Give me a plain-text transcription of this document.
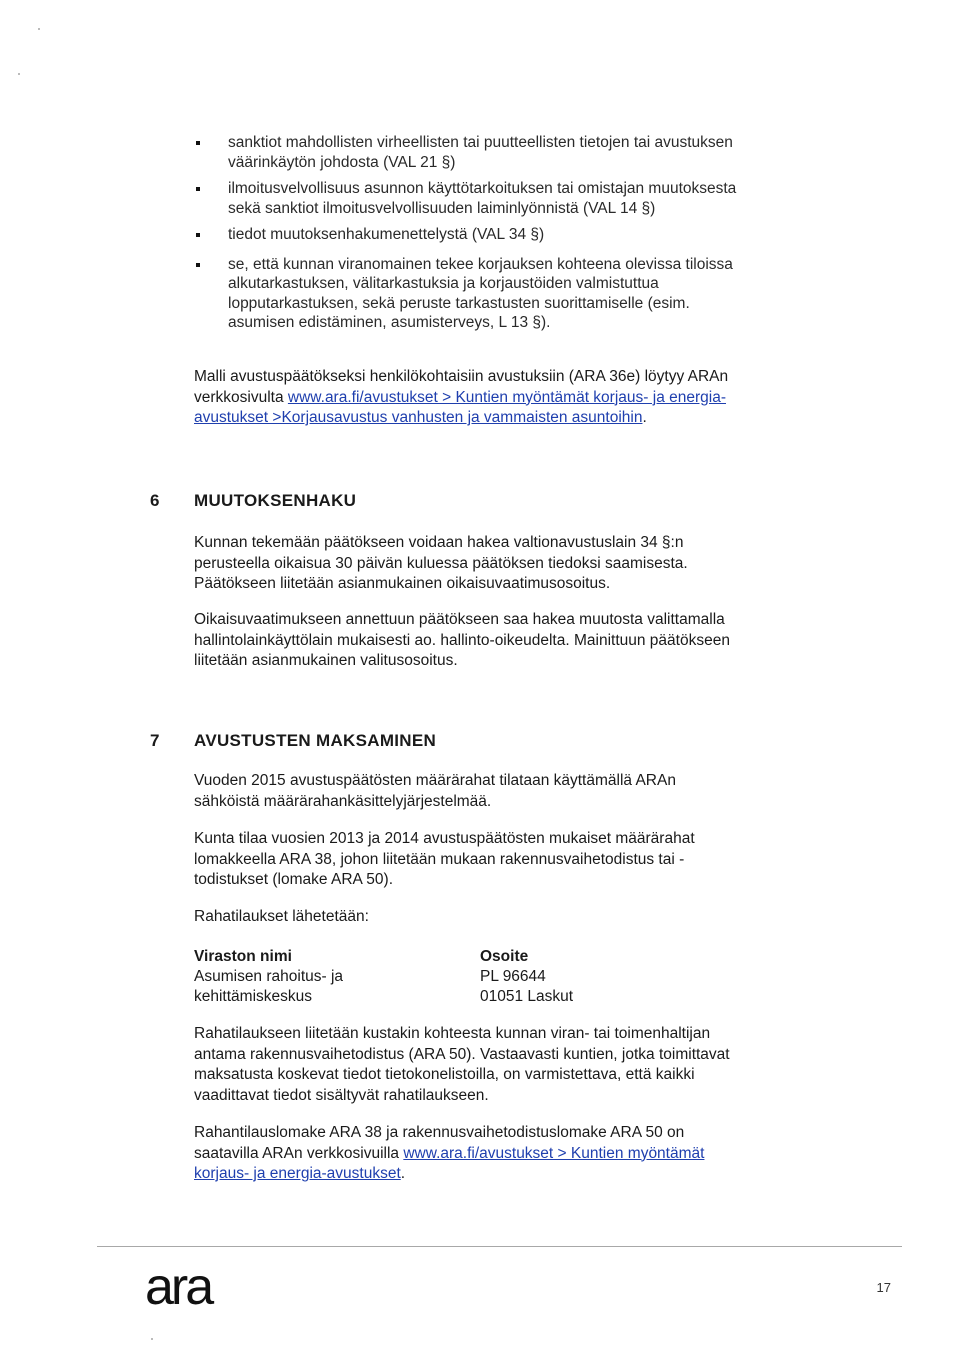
sanktiot mahdollisten virheellisten tai puutteellisten tietojen tai avustuksen
väärinkäytön johdosta (VAL 21 §)
ilmoitusvelvollisuus asunnon käyttötarkoituksen tai omistajan muutoksesta
sekä sanktiot ilmoitusvelvollisuuden laiminlyönnistä (VAL 14 §)
tiedot muutoksenhakumenettelystä (VAL 34 §)
se, että kunnan viranomainen tekee korjauksen kohteena olevissa tiloissa
alkutarkastuksen, välitarkastuksia ja korjaustöiden valmistuttua
lopputarkastuksen, sekä peruste tarkastusten suorittamiselle (esim.
asumisen edistäminen, asumisterveys, L 13 §).
Malli avustuspäätökseksi henkilökohtaisiin avustuksiin (ARA 36e) löytyy ARAn
verkkosivulta www.ara.fi/avustukset > Kuntien myöntämät korjaus- ja energia-
avustukset >Korjausavustus vanhusten ja vammaisten asuntoihin.
6 MUUTOKSENHAKU
Kunnan tekemään päätökseen voidaan hakea valtionavustuslain 34 §:n
perusteella oikaisua 30 päivän kuluessa päätöksen tiedoksi saamisesta.
Päätökseen liitetään asianmukainen oikaisuvaatimusosoitus.
Oikaisuvaatimukseen annettuun päätökseen saa hakea muutosta valittamalla
hallintolainkäyttölain mukaisesti ao. hallinto-oikeudelta. Mainittuun päätökseen
liitetään asianmukainen valitusosoitus.
7 AVUSTUSTEN MAKSAMINEN
Vuoden 2015 avustuspäätösten määrärahat tilataan käyttämällä ARAn
sähköistä määrärahankäsittelyjärjestelmää.
Kunta tilaa vuosien 2013 ja 2014 avustuspäätösten mukaiset määrärahat
lomakkeella ARA 38, johon liitetään mukaan rakennusvaihetodistus tai -
todistukset (lomake ARA 50).
Rahatilaukset lähetetään:
Viraston nimi
Asumisen rahoitus- ja
kehittämiskeskus
Osoite
PL 96644
01051 Laskut
Rahatilaukseen liitetään kustakin kohteesta kunnan viran- tai toimenhaltijan
antama rakennusvaihetodistus (ARA 50). Vastaavasti kuntien, jotka toimittavat
maksatusta koskevat tiedot tietokonelistoilla, on varmistettava, että kaikki
vaadittavat tiedot sisältyvät rahatilaukseen.
Rahantilauslomake ARA 38 ja rakennusvaihetodistuslomake ARA 50 on
saatavilla ARAn verkkosivuilla www.ara.fi/avustukset > Kuntien myöntämät
korjaus- ja energia-avustukset.
ara	17
